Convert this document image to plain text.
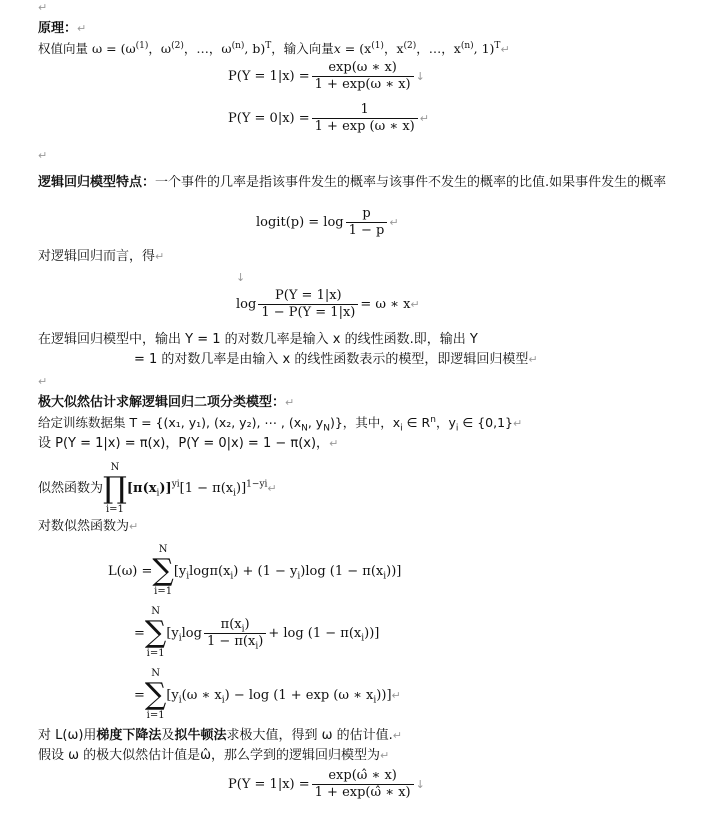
↵
原理：↵
权值向量 $\omega = (\omega^{(1)}$，$\omega^{(2)}$，…，$\omega^{(n)}$, b)$^T$，输入向量$x = (x^{(1)}$，$x^{(2)}$，…，$x^{(n)}$, 1)$^T$↵
$P(Y = 1|x) = \frac{\exp(\omega ∗ x)}{1 + \exp(\omega ∗ x)}$ ↓
$P(Y = 0|x) = \frac{1}{1 + \exp (\omega ∗ x)}$ ↵
↵
逻辑回归模型特点：一个事件的几率是指该事件发生的概率与该事件不发生的概率的比值.如果事件发生的概率
logit(p) = $\log \frac{p}{1 - p}$ ↵
对逻辑回归而言，得↵
↓
$\log \frac{P(Y = 1|x)}{1 - P(Y = 1|x)} = \omega$ ∗ x↵
在逻辑回归模型中，输出 Y = 1 的对数几率是输入 x 的线性函数.即，输出 Y
= 1 的对数几率是由输入 x 的线性函数表示的模型，即逻辑回归模型↵
↵
极大似然估计求解逻辑回归二项分类模型：↵
给定训练数据集 T = {(x₁, y₁), (x₂, y₂), ⋯ , ($x_N$, $y_N$)}，其中，$x_i$ ∈ $R^n$，$y_i$ ∈ {0,1}↵
设 P(Y = 1|x) = π(x)，P(Y = 0|x) = 1 − π(x)，↵
似然函数为N
∏
$i=1[\pi(x_i)]^{yi}[1$ − $\pi(x_i)]^{1-yi}↵$
对数似然函数为↵
L(ω) =N
∑
$i=1[y_i\log\pi(x_i) + (1 - y_i)\log$ $(1 - \pi(x_i))$]
=N
∑
$i=1[y_i\log \frac{\pi(x_i)}{1 - \pi(x_i)} + \log (1 - \pi(x_i))]$
=N
∑
$i=1[y_i(\omega$ ∗ $x_i) - \log (1 + \exp (\omega$ ∗ $x_i))]↵$
对 L(ω)用梯度下降法及拟牛顿法求极大值，得到 ω 的估计值.↵
假设 ω 的极大似然估计值是ω̂，那么学到的逻辑回归模型为↵
$P(Y = 1|x) = \frac{\exp(\omegâ ∗ x)}{1 + \exp(\omegâ ∗ x)}$ ↓
